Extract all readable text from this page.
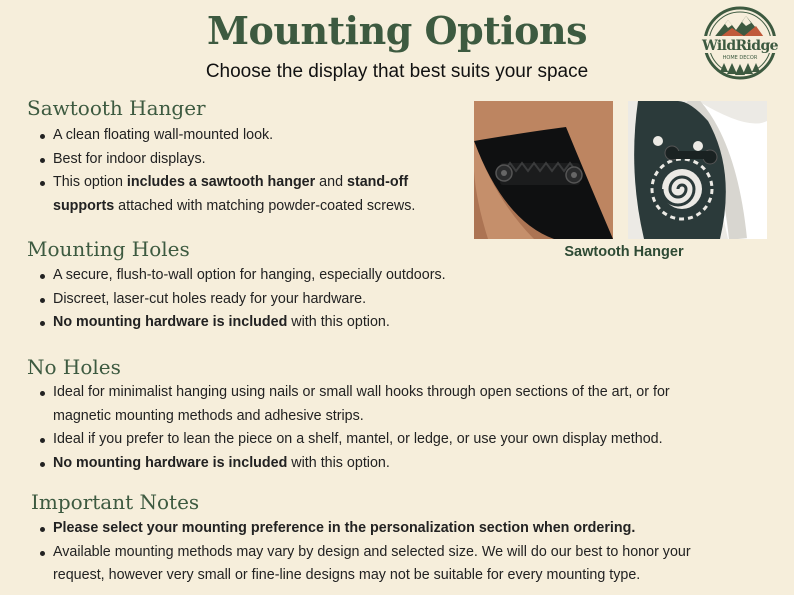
Mounting Options
Choose the display that best suits your space
WildRidge
HOME DECOR
Sawtooth Hanger
A clean floating wall-mounted look.
Best for indoor displays.
This option includes a sawtooth hanger and stand-off
supports attached with matching powder-coated screws.
Sawtooth Hanger
Mounting Holes
A secure, flush-to-wall option for hanging, especially outdoors.
Discreet, laser-cut holes ready for your hardware.
No mounting hardware is included with this option.
No Holes
Ideal for minimalist hanging using nails or small wall hooks through open sections of the art, or for
magnetic mounting methods and adhesive strips.
Ideal if you prefer to lean the piece on a shelf, mantel, or ledge, or use your own display method.
No mounting hardware is included with this option.
Important Notes
Please select your mounting preference in the personalization section when ordering.
Available mounting methods may vary by design and selected size. We will do our best to honor your
request, however very small or fine-line designs may not be suitable for every mounting type.
